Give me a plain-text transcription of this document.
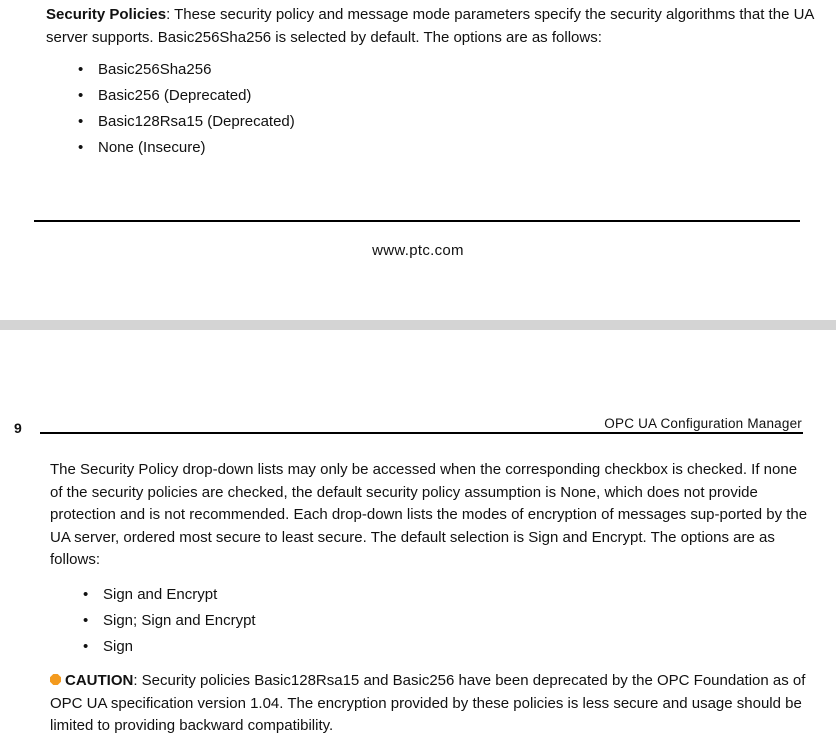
Security Policies: These security policy and message mode parameters specify the security algorithms that the UA server supports. Basic256Sha256 is selected by default. The options are as follows:

• Basic256Sha256
• Basic256 (Deprecated)
• Basic128Rsa15 (Deprecated)
• None (Insecure)
www.ptc.com
9	OPC UA Configuration Manager

The Security Policy drop-down lists may only be accessed when the corresponding checkbox is checked. If none of the security policies are checked, the default security policy assumption is None, which does not provide protection and is not recommended. Each drop-down lists the modes of encryption of messages sup-ported by the UA server, ordered most secure to least secure. The default selection is Sign and Encrypt. The options are as follows:

• Sign and Encrypt
• Sign; Sign and Encrypt
• Sign

CAUTION: Security policies Basic128Rsa15 and Basic256 have been deprecated by the OPC Foundation as of OPC UA specification version 1.04. The encryption provided by these policies is less secure and usage should be limited to providing backward compatibility.
